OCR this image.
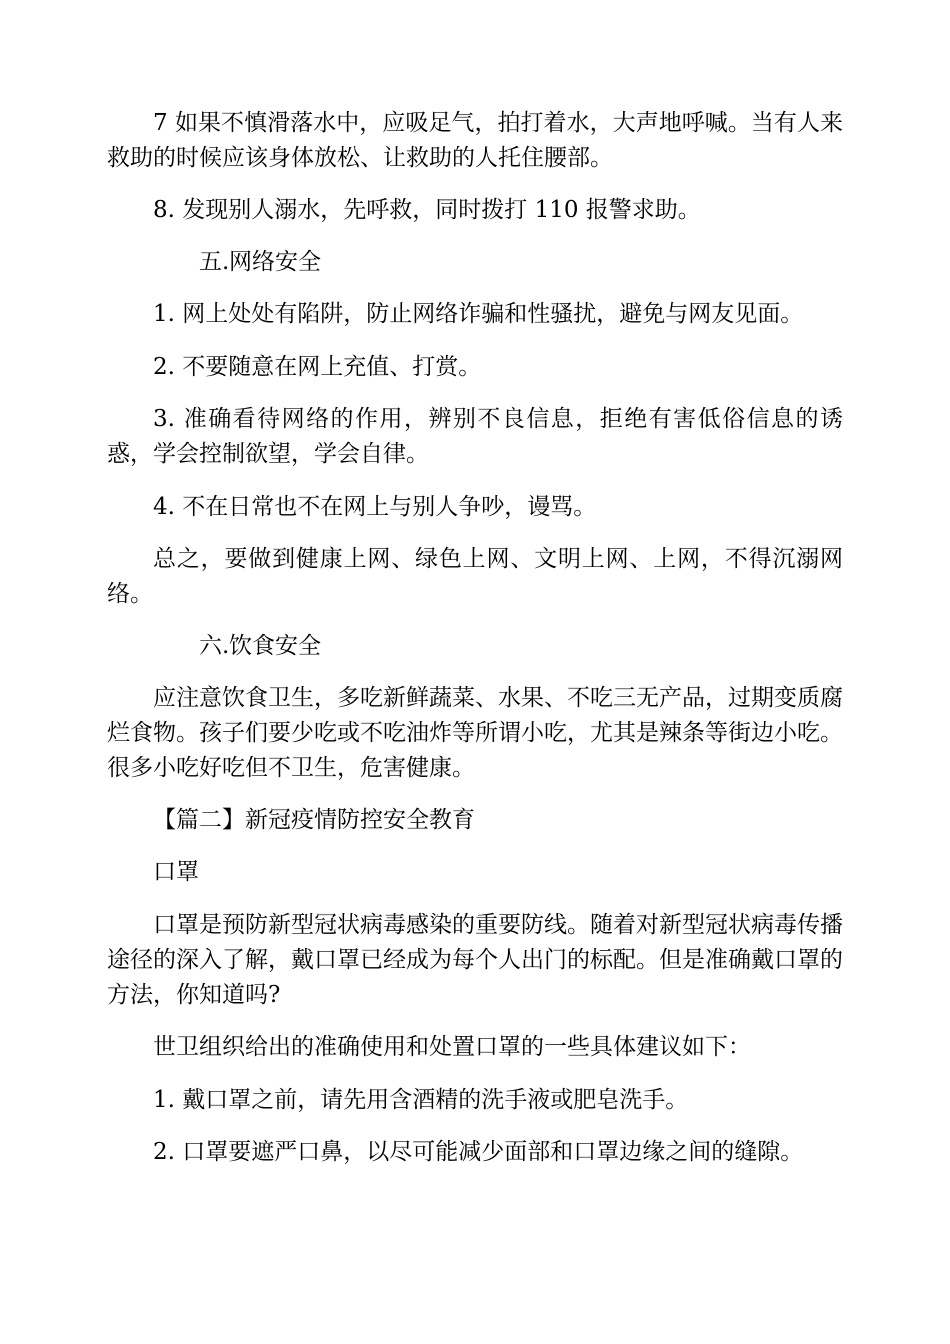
7 如果不慎滑落水中，应吸足气，拍打着水，大声地呼喊。当有人来救助的时候应该身体放松、让救助的人托住腰部。

8. 发现别人溺水，先呼救，同时拨打 110 报警求助。

五.网络安全

1. 网上处处有陷阱，防止网络诈骗和性骚扰，避免与网友见面。

2. 不要随意在网上充值、打赏。

3. 准确看待网络的作用，辨别不良信息，拒绝有害低俗信息的诱惑，学会控制欲望，学会自律。

4. 不在日常也不在网上与别人争吵，谩骂。

总之，要做到健康上网、绿色上网、文明上网、上网，不得沉溺网络。

六.饮食安全

应注意饮食卫生，多吃新鲜蔬菜、水果、不吃三无产品，过期变质腐烂食物。孩子们要少吃或不吃油炸等所谓小吃，尤其是辣条等街边小吃。很多小吃好吃但不卫生，危害健康。

【篇二】新冠疫情防控安全教育

口罩

口罩是预防新型冠状病毒感染的重要防线。随着对新型冠状病毒传播途径的深入了解，戴口罩已经成为每个人出门的标配。但是准确戴口罩的方法，你知道吗?

世卫组织给出的准确使用和处置口罩的一些具体建议如下：

1. 戴口罩之前，请先用含酒精的洗手液或肥皂洗手。

2. 口罩要遮严口鼻，以尽可能减少面部和口罩边缘之间的缝隙。
